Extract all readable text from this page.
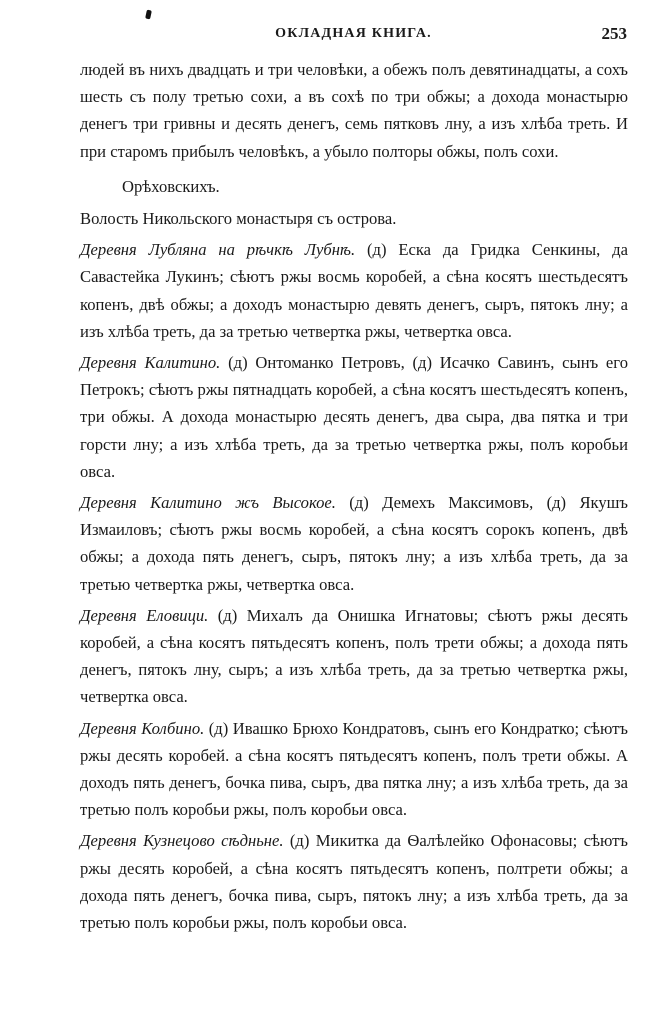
ОКЛАДНАЯ КНИГА.	253

людей въ нихъ двадцать и три человѣки, а обежъ полъ девятинадцаты, а сохъ шесть съ полу третью сохи, а въ сохѣ по три обжы; а дохода монастырю денегъ три гривны и десять денегъ, семь пятковъ лну, а изъ хлѣба треть. И при старомъ прибылъ человѣкъ, а убыло полторы обжы, полъ сохи.

Орѣховскихъ.

Волость Никольского монастыря съ острова.

Деревня Лубляна на рѣчкѣ Лубнѣ. (д) Еска да Гридка Сенкины, да Савастейка Лукинъ; сѣютъ ржы восмь коробей, а сѣна косятъ шестьдесятъ копенъ, двѣ обжы; а доходъ монастырю девять денегъ, сыръ, пятокъ лну; а изъ хлѣба треть, да за третью четвертка ржы, четвертка овса.

Деревня Калитино. (д) Онтоманко Петровъ, (д) Исачко Савинъ, сынъ его Петрокъ; сѣютъ ржы пятнадцать коробей, а сѣна косятъ шестьдесятъ копенъ, три обжы. А дохода монастырю десять денегъ, два сыра, два пятка и три горсти лну; а изъ хлѣба треть, да за третью четвертка ржы, полъ коробьи овса.

Деревня Калитино жъ Высокое. (д) Демехъ Максимовъ, (д) Якушъ Измаиловъ; сѣютъ ржы восмь коробей, а сѣна косятъ сорокъ копенъ, двѣ обжы; а дохода пять денегъ, сыръ, пятокъ лну; а изъ хлѣба треть, да за третью четвертка ржы, четвертка овса.

Деревня Еловици. (д) Михалъ да Онишка Игнатовы; сѣютъ ржы десять коробей, а сѣна косятъ пятьдесятъ копенъ, полъ трети обжы; а дохода пять денегъ, пятокъ лну, сыръ; а изъ хлѣба треть, да за третью четвертка ржы, четвертка овса.

Деревня Колбино. (д) Ивашко Брюхо Кондратовъ, сынъ его Кондратко; сѣютъ ржы десять коробей. а сѣна косятъ пятьдесятъ копенъ, полъ трети обжы. А доходъ пять денегъ, бочка пива, сыръ, два пятка лну; а изъ хлѣба треть, да за третью полъ коробьи ржы, полъ коробьи овса.

Деревня Кузнецово сѣдньне. (д) Микитка да Ѳалѣлейко Офонасовы; сѣютъ ржы десять коробей, а сѣна косятъ пятьдесятъ копенъ, полтрети обжы; а дохода пять денегъ, бочка пива, сыръ, пятокъ лну; а изъ хлѣба треть, да за третью полъ коробьи ржы, полъ коробьи овса.
